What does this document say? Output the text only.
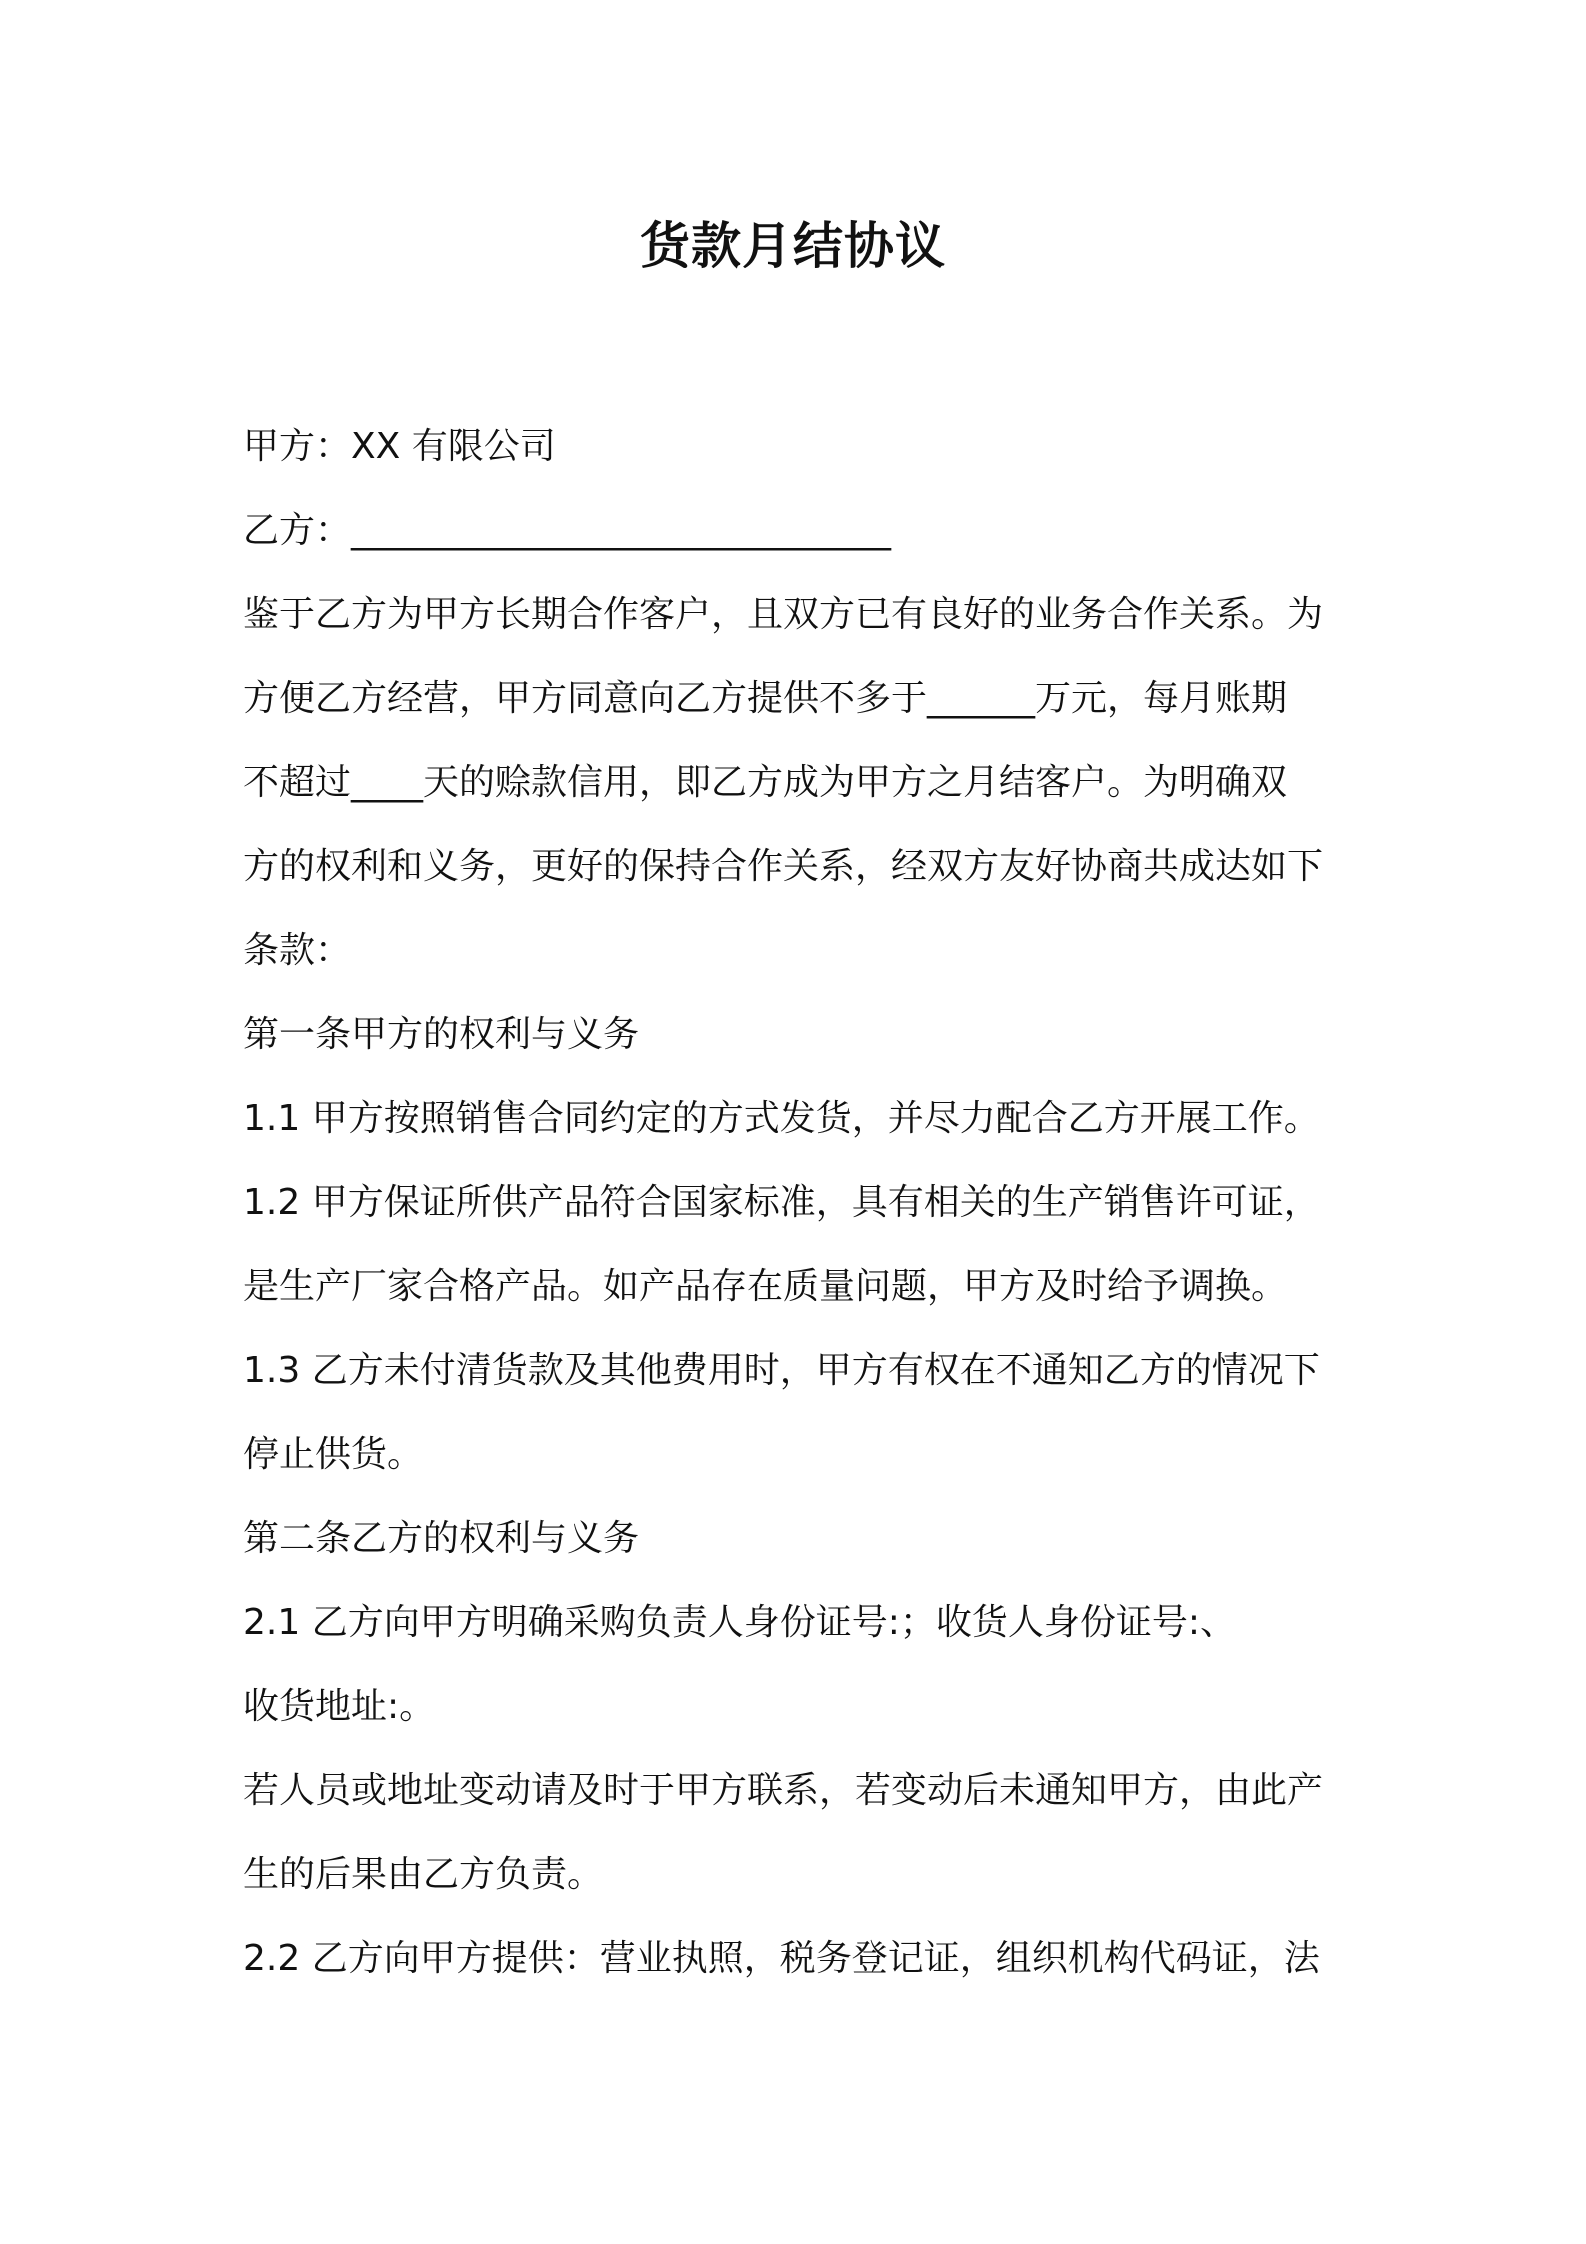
货款月结协议
甲方：XX 有限公司
乙方：______________________________
鉴于乙方为甲方长期合作客户，且双方已有良好的业务合作关系。为
方便乙方经营，甲方同意向乙方提供不多于______万元，每月账期
不超过____天的赊款信用，即乙方成为甲方之月结客户。为明确双
方的权利和义务，更好的保持合作关系，经双方友好协商共成达如下
条款：
第一条甲方的权利与义务
1.1 甲方按照销售合同约定的方式发货，并尽力配合乙方开展工作。
1.2 甲方保证所供产品符合国家标准，具有相关的生产销售许可证，
是生产厂家合格产品。如产品存在质量问题，甲方及时给予调换。
1.3 乙方未付清货款及其他费用时，甲方有权在不通知乙方的情况下
停止供货。
第二条乙方的权利与义务
2.1 乙方向甲方明确采购负责人身份证号:；收货人身份证号:、
收货地址:。
若人员或地址变动请及时于甲方联系，若变动后未通知甲方，由此产
生的后果由乙方负责。
2.2 乙方向甲方提供：营业执照，税务登记证，组织机构代码证，法
